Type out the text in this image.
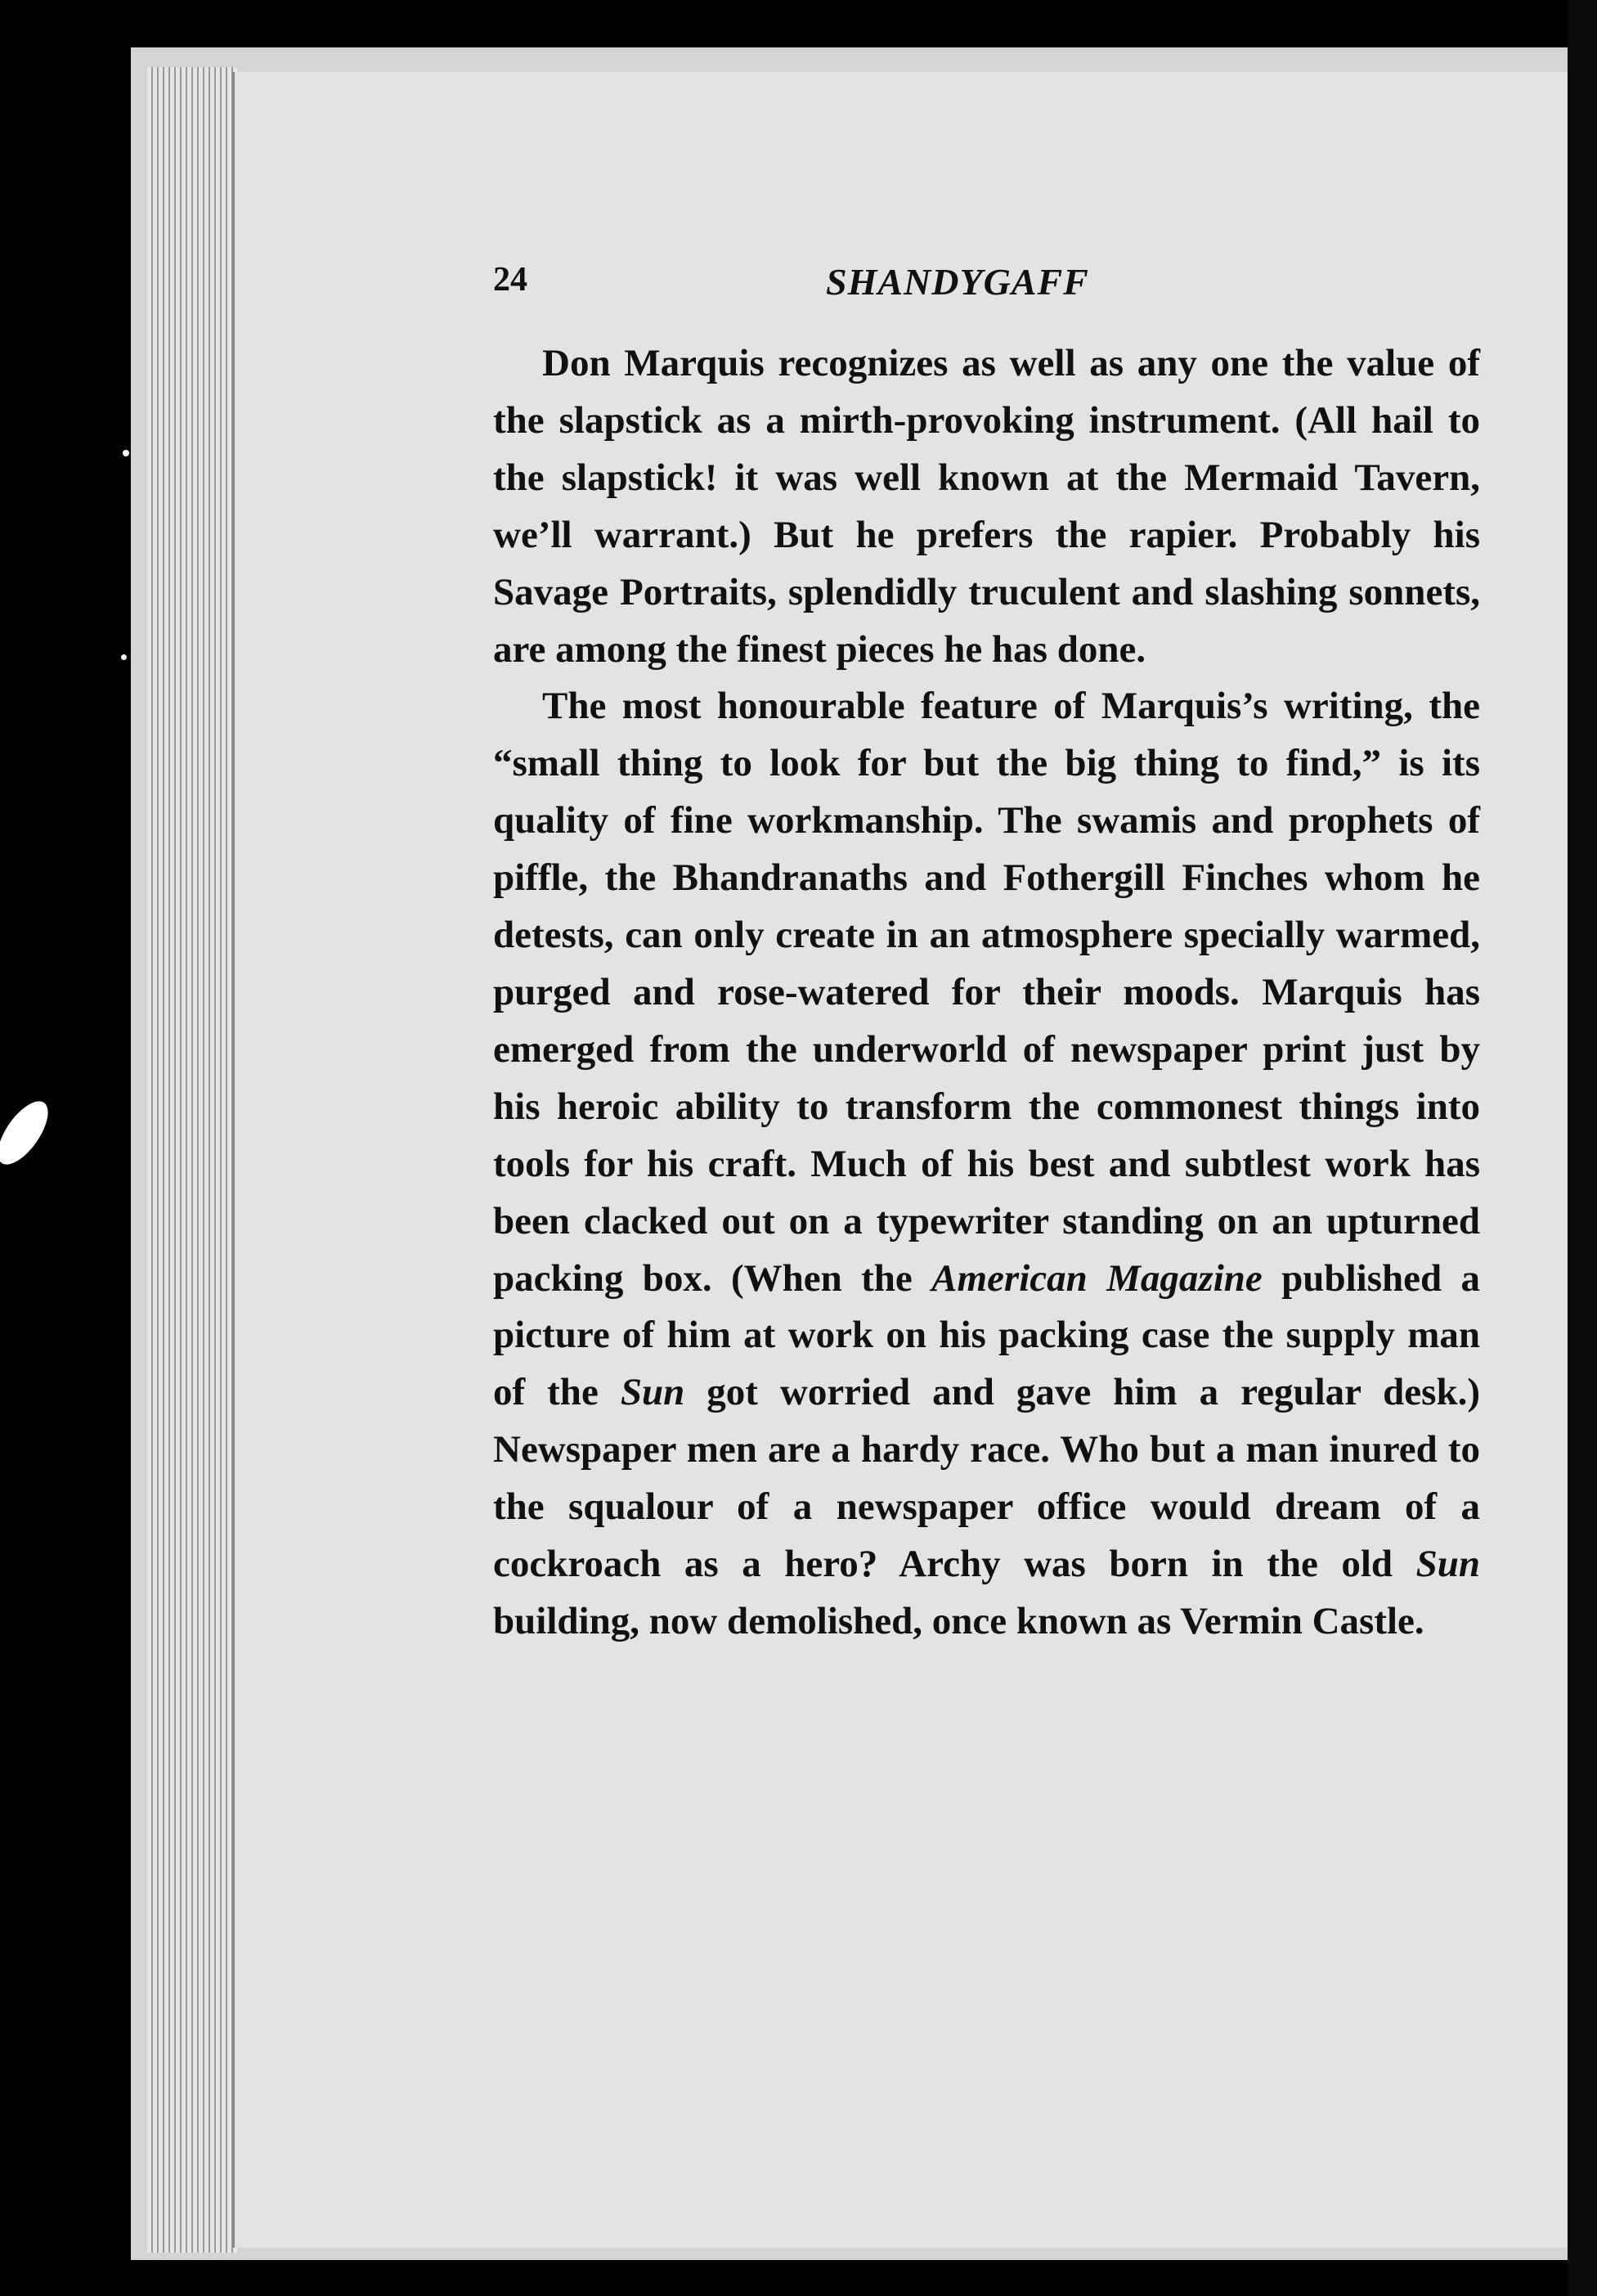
24	SHANDYGAFF

Don Marquis recognizes as well as any one the value of the slapstick as a mirth-provoking instrument. (All hail to the slapstick! it was well known at the Mermaid Tavern, we’ll warrant.) But he prefers the rapier. Probably his Savage Portraits, splendidly truculent and slashing sonnets, are among the finest pieces he has done.

The most honourable feature of Marquis’s writing, the “small thing to look for but the big thing to find,” is its quality of fine workmanship. The swamis and prophets of piffle, the Bhandranaths and Fothergill Finches whom he detests, can only create in an atmosphere specially warmed, purged and rose-watered for their moods. Marquis has emerged from the underworld of newspaper print just by his heroic ability to transform the commonest things into tools for his craft. Much of his best and subtlest work has been clacked out on a typewriter standing on an upturned packing box. (When the American Magazine published a picture of him at work on his packing case the supply man of the Sun got worried and gave him a regular desk.) Newspaper men are a hardy race. Who but a man inured to the squalour of a newspaper office would dream of a cockroach as a hero? Archy was born in the old Sun building, now demolished, once known as Vermin Castle.
